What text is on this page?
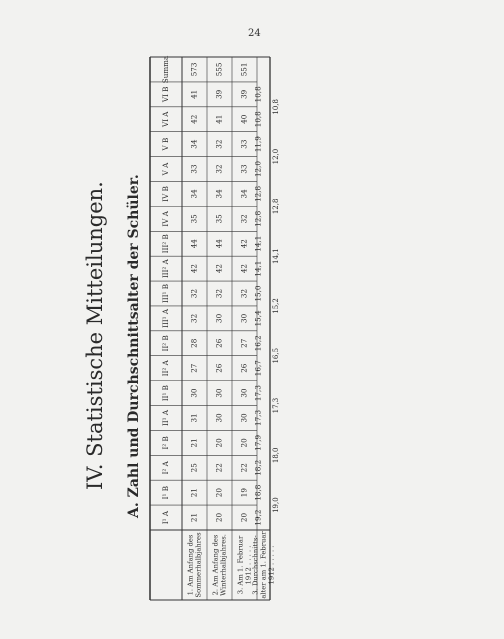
24
IV. Statistische Mitteilungen. A. Zahl und Durchschnittsalter der Schüler.	I¹ A
I¹ B
I² A
I² B
II¹ A
II¹ B
II² A
II² B
III¹ A
III¹ B
III² A
III² B
IV A
IV B
V A
V B
VI A
VI B
Summa
21
21
25
21
31
30
27
28
32
32
42
44
35
34
33
34
42
41
573
1. Am Anfang des Sommerhalbjahres
20
20
22
20
30
30
26
26
30
32
42
44
35
34
32
32
41
39
555
2. Am Anfang des Winterhalbjahres.
20
19
22
20
30
30
26
27
30
32
42
42
32
34
33
33
40
39
551
3. Am 1. Februar 1912 . . . . .
19,2
18,8
18,2
17,9
17,3
17,3
16,7
16,2
15,4
15,0
14,1
14,1
12,8
12,8
12,0
11,9
10,8
10,8
3. Durchschnitts- alter am 1. Februar 1912 . . . . .
19,0
18,0
17,3
16,5
15,2
14,1
12,8
12,0
10,8
